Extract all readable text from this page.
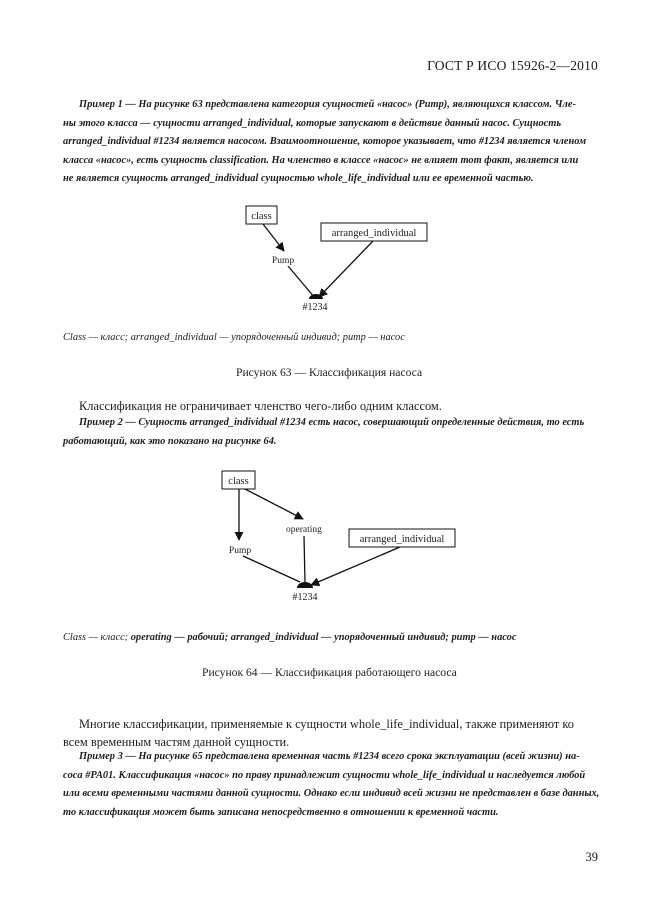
ГОСТ Р ИСО 15926-2—2010
Пример 1 — На рисунке 63 представлена категория сущностей «насос» (Pump), являющихся классом. Чле-
ны этого класса — сущности arranged_individual, которые запускают в действие данный насос. Сущность
arranged_individual #1234 является насосом. Взаимоотношение, которое указывает, что #1234 является членом
класса «насос», есть сущность classification. На членство в классе «насос» не влияет тот факт, является или
не является сущность arranged_individual сущностью whole_life_individual или ее временной частью.
class
arranged_individual
Pump
#1234
Class — класс; arranged_individual — упорядоченный индивид; pump — насос
Рисунок 63 — Классификация насоса
Классификация не ограничивает членство чего-либо одним классом.
Пример 2 — Сущность arranged_individual #1234 есть насос, совершающий определенные действия, то есть
работающий, как это показано на рисунке 64.
class
operating
arranged_individual
Pump
#1234
Class — класс; operating — рабочий; arranged_individual — упорядоченный индивид; pump — насос
Рисунок 64 — Классификация работающего насоса
Многие классификации, применяемые к сущности whole_life_individual, также применяют ко
всем временным частям данной сущности.
Пример 3 — На рисунке 65 представлена временная часть #1234 всего срока эксплуатации (всей жизни) на-
coca #PA01. Классификация «насос» по праву принадлежит сущности whole_life_individual и наследуется любой
или всеми временными частями данной сущности. Однако если индивид всей жизни не представлен в базе данных,
то классификация может быть записана непосредственно в отношении к временной части.
39
